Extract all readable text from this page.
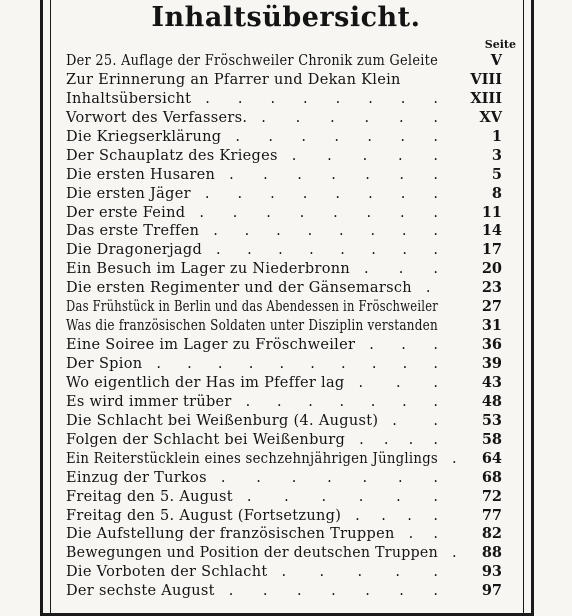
Inhaltsübersicht.
Seite
Der 25. Auflage der Fröschweiler Chronik zum Geleite	V
Zur Erinnerung an Pfarrer und Dekan Klein	VIII
Inhaltsübersicht . . . . . . . .	XIII
Vorwort des Verfassers. . . . . . .	XV
Die Kriegserklärung . . . . . . .	1
Der Schauplatz des Krieges . . . . .	3
Die ersten Husaren . . . . . . .	5
Die ersten Jäger . . . . . . . .	8
Der erste Feind . . . . . . . .	11
Das erste Treffen . . . . . . . .	14
Die Dragonerjagd . . . . . . . .	17
Ein Besuch im Lager zu Niederbronn . . .	20
Die ersten Regimenter und der Gänsemarsch .	23
Das Frühstück in Berlin und das Abendessen in Fröschweiler	27
Was die französischen Soldaten unter Disziplin verstanden	31
Eine Soiree im Lager zu Fröschweiler . . .	36
Der Spion . . . . . . . . . .	39
Wo eigentlich der Has im Pfeffer lag . . .	43
Es wird immer trüber . . . . . . .	48
Die Schlacht bei Weißenburg (4. August) . .	53
Folgen der Schlacht bei Weißenburg . . . .	58
Ein Reiterstücklein eines sechzehnjährigen Jünglings .	64
Einzug der Turkos . . . . . . .	68
Freitag den 5. August . . . . . .	72
Freitag den 5. August (Fortsetzung) . . . .	77
Die Aufstellung der französischen Truppen . .	82
Bewegungen und Position der deutschen Truppen .	88
Die Vorboten der Schlacht . . . . .	93
Der sechste August . . . . . . .	97
